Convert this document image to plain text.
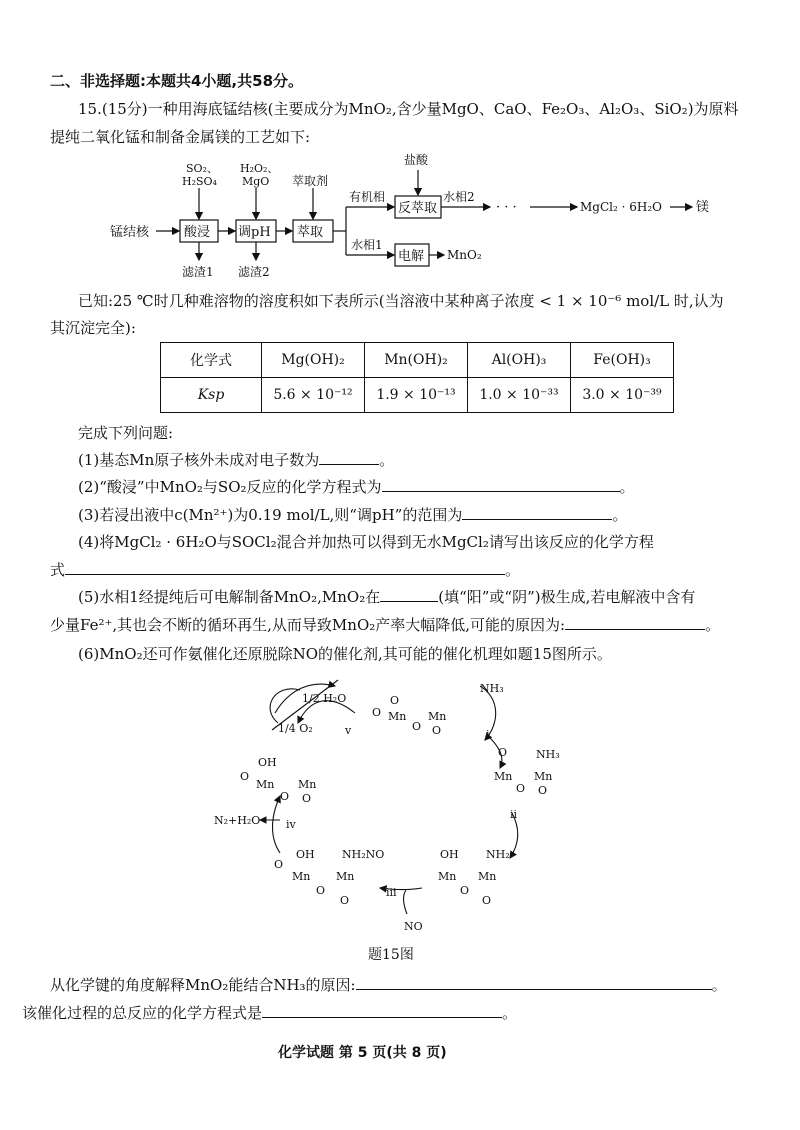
二、非选择题:本题共4小题,共58分。
15.(15分)一种用海底锰结核(主要成分为MnO₂,含少量MgO、CaO、Fe₂O₃、Al₂O₃、SiO₂)为原料
提纯二氧化锰和制备金属镁的工艺如下:
锰结核	酸浸 调pH 萃取
反萃取
电解
SO₂、
H₂SO₄
H₂O₂、
MgO 萃取剂
盐酸
滤渣1 滤渣2
有机相
水相1
水相2
· · ·	MgCl₂ · 6H₂O	镁
MnO₂
已知:25 ℃时几种难溶物的溶度积如下表所示(当溶液中某种离子浓度 < 1 × 10⁻⁶ mol/L 时,认为
其沉淀完全):
化学式	Mg(OH)₂	Mn(OH)₂	Al(OH)₃	Fe(OH)₃
Ksp	5.6 × 10⁻¹²	1.9 × 10⁻¹³	1.0 × 10⁻³³	3.0 × 10⁻³⁹
完成下列问题:
(1)基态Mn原子核外未成对电子数为	。
(2)“酸浸”中MnO₂与SO₂反应的化学方程式为	。
(3)若浸出液中c(Mn²⁺)为0.19 mol/L,则“调pH”的范围为	。
(4)将MgCl₂ · 6H₂O与SOCl₂混合并加热可以得到无水MgCl₂请写出该反应的化学方程
式	。
(5)水相1经提纯后可电解制备MnO₂,MnO₂在	(填“阳”或“阴”)极生成,若电解液中含有
少量Fe²⁺,其也会不断的循环再生,从而导致MnO₂产率大幅降低,可能的原因为:	。
(6)MnO₂还可作氨催化还原脱除NO的催化剂,其可能的催化机理如题15图所示。
O
Mn
O
Mn
O
O
1/2 H₂O
1/4 O₂	v
NH₃
i
O	NH₃
Mn Mn
O O
ii
OH NH₂
Mn Mn
O
O
iii
NO
OH NH₂NO
Mn Mn
O
O
O
OH
Mn Mn
O O
O
N₂+H₂O iv
题15图
从化学键的角度解释MnO₂能结合NH₃的原因:	。
该催化过程的总反应的化学方程式是	。
化学试题 第 5 页(共 8 页)
